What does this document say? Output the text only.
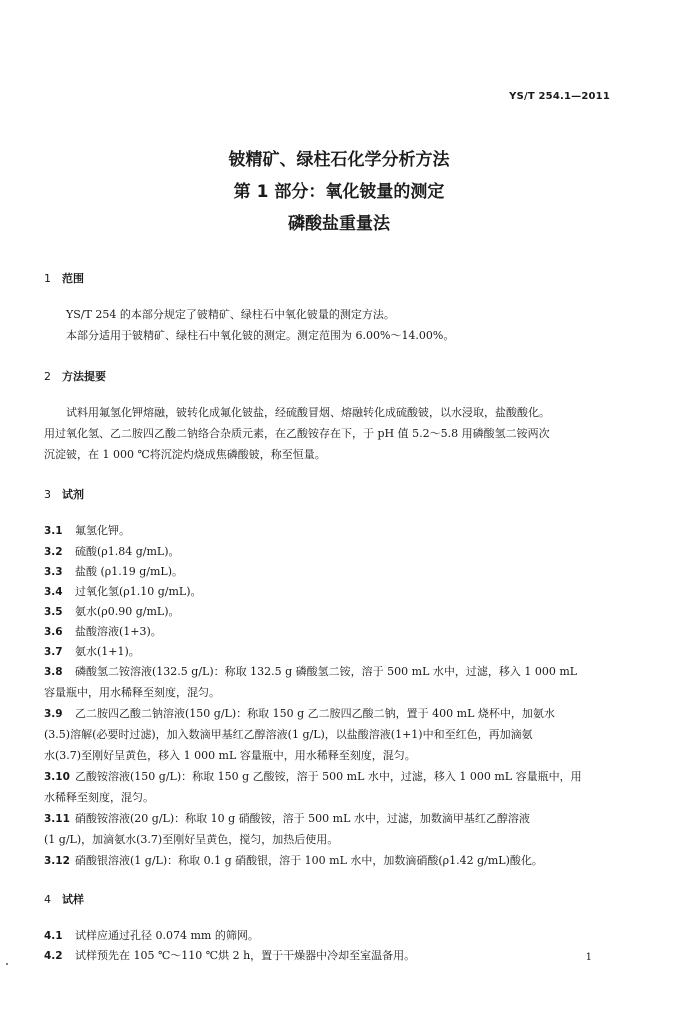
YS/T 254.1—2011
铍精矿、绿柱石化学分析方法
第 1 部分：氧化铍量的测定
磷酸盐重量法
1 范围
YS/T 254 的本部分规定了铍精矿、绿柱石中氧化铍量的测定方法。
本部分适用于铍精矿、绿柱石中氧化铍的测定。测定范围为 6.00%～14.00%。
2 方法提要
试料用氟氢化钾熔融，铍转化成氟化铍盐，经硫酸冒烟、熔融转化成硫酸铍，以水浸取，盐酸酸化。
用过氧化氢、乙二胺四乙酸二钠络合杂质元素，在乙酸铵存在下，于 pH 值 5.2～5.8 用磷酸氢二铵两次
沉淀铍，在 1 000 ℃将沉淀灼烧成焦磷酸铍，称至恒量。
3 试剂
3.1 氟氢化钾。
3.2 硫酸(ρ1.84 g/mL)。
3.3 盐酸 (ρ1.19 g/mL)。
3.4 过氧化氢(ρ1.10 g/mL)。
3.5 氨水(ρ0.90 g/mL)。
3.6 盐酸溶液(1+3)。
3.7 氨水(1+1)。
3.8 磷酸氢二铵溶液(132.5 g/L)：称取 132.5 g 磷酸氢二铵，溶于 500 mL 水中，过滤，移入 1 000 mL
容量瓶中，用水稀释至刻度，混匀。
3.9 乙二胺四乙酸二钠溶液(150 g/L)：称取 150 g 乙二胺四乙酸二钠，置于 400 mL 烧杯中，加氨水
(3.5)溶解(必要时过滤)，加入数滴甲基红乙醇溶液(1 g/L)，以盐酸溶液(1+1)中和至红色，再加滴氨
水(3.7)至刚好呈黄色，移入 1 000 mL 容量瓶中，用水稀释至刻度，混匀。
3.10 乙酸铵溶液(150 g/L)：称取 150 g 乙酸铵，溶于 500 mL 水中，过滤，移入 1 000 mL 容量瓶中，用
水稀释至刻度，混匀。
3.11 硝酸铵溶液(20 g/L)：称取 10 g 硝酸铵，溶于 500 mL 水中，过滤，加数滴甲基红乙醇溶液
(1 g/L)，加滴氨水(3.7)至刚好呈黄色，搅匀，加热后使用。
3.12 硝酸银溶液(1 g/L)：称取 0.1 g 硝酸银，溶于 100 mL 水中，加数滴硝酸(ρ1.42 g/mL)酸化。
4 试样
4.1 试样应通过孔径 0.074 mm 的筛网。
4.2 试样预先在 105 ℃～110 ℃烘 2 h，置于干燥器中冷却至室温备用。	1
